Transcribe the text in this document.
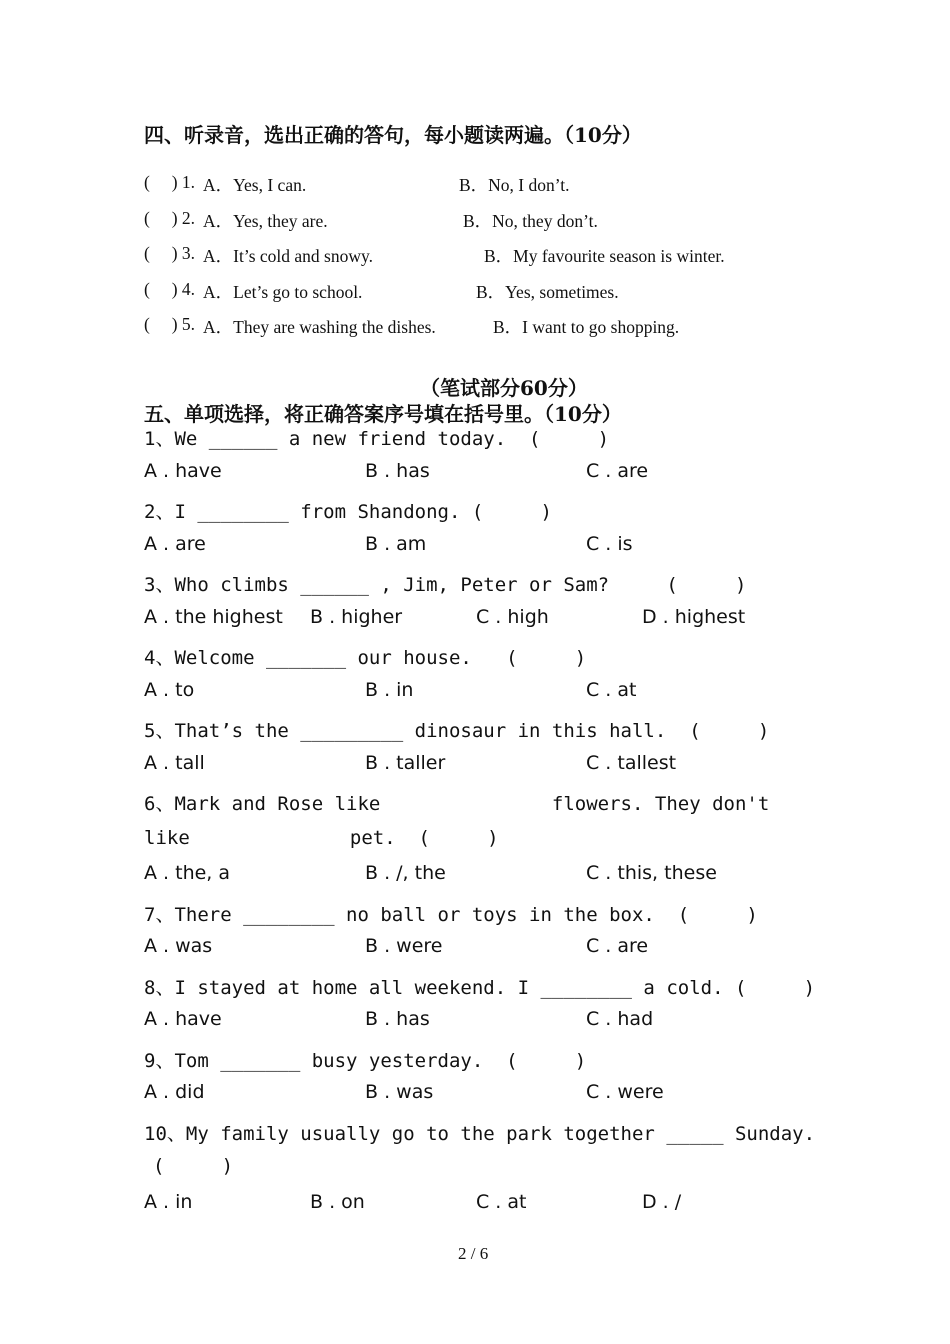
四、听录音，选出正确的答句，每小题读两遍。（10分）
(     ) 1. A．Yes, I can.	B．No, I don’t.
(     ) 2. A．Yes, they are.	B．No, they don’t.
(     ) 3. A．It’s cold and snowy.	B．My favourite season is winter.
(     ) 4. A．Let’s go to school.	B．Yes, sometimes.
(     ) 5. A．They are washing the dishes.	B．I want to go shopping.
（笔试部分60分）
五、单项选择，将正确答案序号填在括号里。（10分）
1、We ______ a new friend today.  (     )
A . have	B . has	C . are
2、I ________ from Shandong. (     )
A . are	B . am	C . is
3、Who climbs ______ , Jim, Peter or Sam?     (     )
A . the highest B . higher	C . high	D . highest
4、Welcome _______ our house.   (     )
A . to	B . in	C . at
5、That’s the _________ dinosaur in this hall.  (     )
A . tall	B . taller	C . tallest
6、Mark and Rose like               flowers. They don't
like              pet.  (     )
A . the, a	B . /, the	C . this, these
7、There ________ no ball or toys in the box.  (     )
A . was	B . were	C . are
8、I stayed at home all weekend. I ________ a cold. (     )
A . have	B . has	C . had
9、Tom _______ busy yesterday.  (     )
A . did	B . was	C . were
10、My family usually go to the park together _____ Sunday.
(     )
A . in	B . on	C . at	D . /
2 / 6
